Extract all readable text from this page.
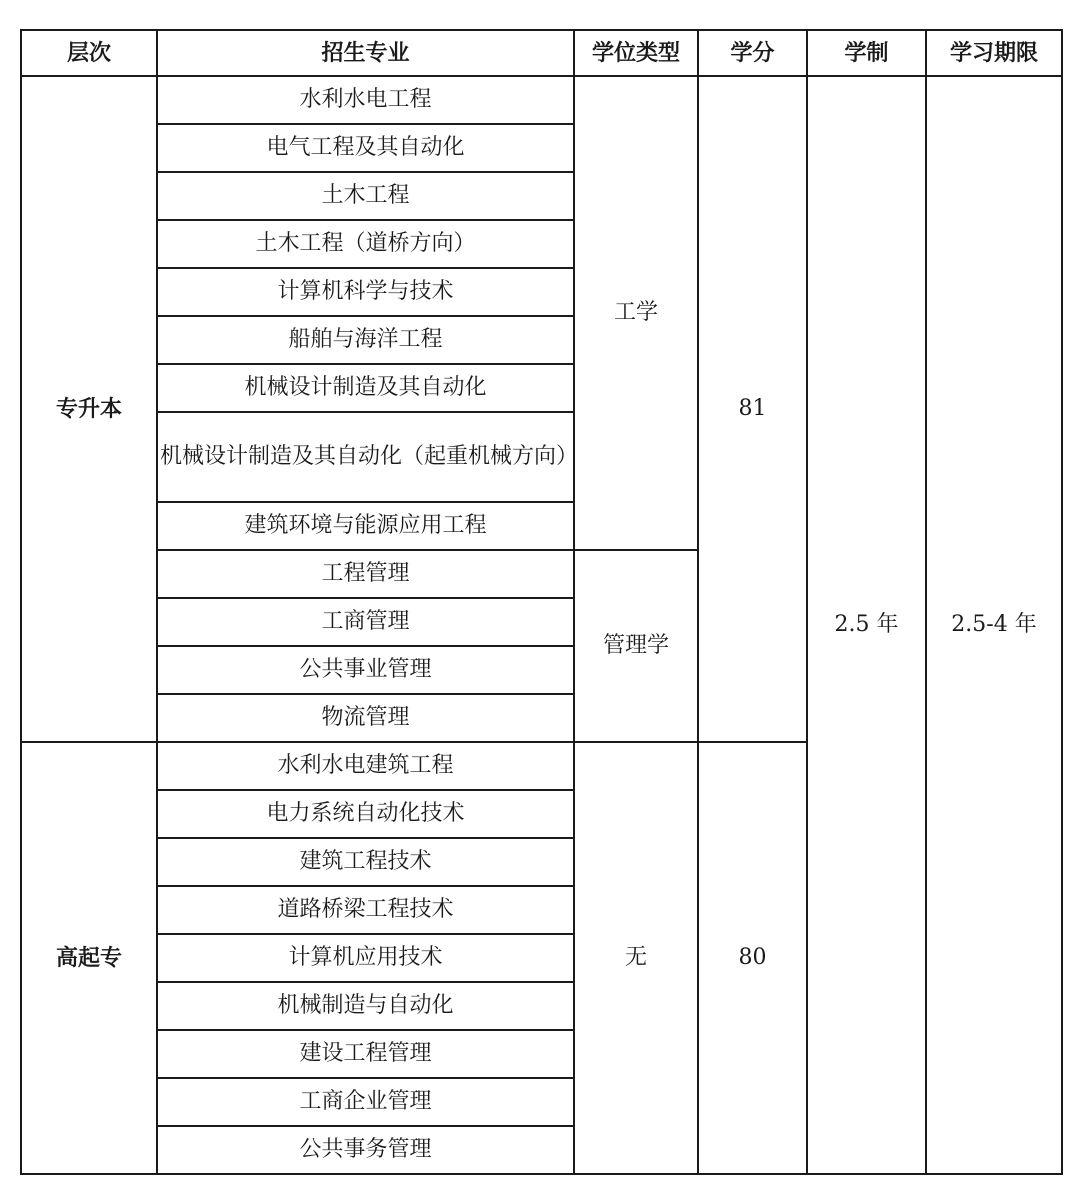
层次	招生专业	学位类型	学分	学制	学习期限
专升本	水利水电工程	工学	81	2.5 年	2.5-4 年
	电气工程及其自动化				
	土木工程				
	土木工程（道桥方向）				
	计算机科学与技术				
	船舶与海洋工程				
	机械设计制造及其自动化				
	机械设计制造及其自动化（起重机械方向）				
	建筑环境与能源应用工程				
	工程管理	管理学			
	工商管理				
	公共事业管理				
	物流管理				
高起专	水利水电建筑工程	无	80		
	电力系统自动化技术				
	建筑工程技术				
	道路桥梁工程技术				
	计算机应用技术				
	机械制造与自动化				
	建设工程管理				
	工商企业管理				
	公共事务管理				
